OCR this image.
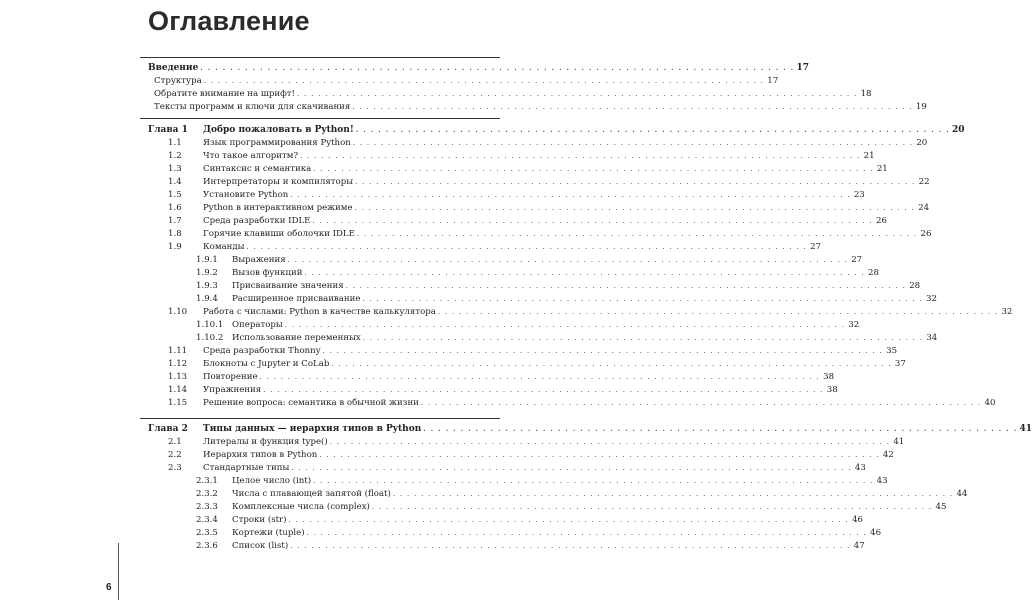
Оглавление
Введение . . . . . . . . . . . . . . . . . . . . . . . . . . . . . . . . . . . . . . . . . . . . . . . . . . . . . . . . . . . . . . . . . . . . . . . . . . . . . . . . 17
Структура . . . . . . . . . . . . . . . . . . . . . . . . . . . . . . . . . . . . . . . . . . . . . . . . . . . . . . . . . . . . . . . . . . . . . . . . . . . . . . . . 17
Обратите внимание на шрифт! . . . . . . . . . . . . . . . . . . . . . . . . . . . . . . . . . . . . . . . . . . . . . . . . . . . . . . . . . . . . . . . . . . . . . . . . . . . . . . . . 18
Тексты программ и ключи для скачивания . . . . . . . . . . . . . . . . . . . . . . . . . . . . . . . . . . . . . . . . . . . . . . . . . . . . . . . . . . . . . . . . . . . . . . . . . . . . . . . . 19
Глава 1 Добро пожаловать в Python! . . . . . . . . . . . . . . . . . . . . . . . . . . . . . . . . . . . . . . . . . . . . . . . . . . . . . . . . . . . . . . . . . . . . . . . . . . . . . . . . 20
1.1 Язык программирования Python . . . . . . . . . . . . . . . . . . . . . . . . . . . . . . . . . . . . . . . . . . . . . . . . . . . . . . . . . . . . . . . . . . . . . . . . . . . . . . . . 20
1.2 Что такое алгоритм? . . . . . . . . . . . . . . . . . . . . . . . . . . . . . . . . . . . . . . . . . . . . . . . . . . . . . . . . . . . . . . . . . . . . . . . . . . . . . . . . 21
1.3 Синтаксис и семантика . . . . . . . . . . . . . . . . . . . . . . . . . . . . . . . . . . . . . . . . . . . . . . . . . . . . . . . . . . . . . . . . . . . . . . . . . . . . . . . . 21
1.4 Интерпретаторы и компиляторы . . . . . . . . . . . . . . . . . . . . . . . . . . . . . . . . . . . . . . . . . . . . . . . . . . . . . . . . . . . . . . . . . . . . . . . . . . . . . . . . 22
1.5 Установите Python . . . . . . . . . . . . . . . . . . . . . . . . . . . . . . . . . . . . . . . . . . . . . . . . . . . . . . . . . . . . . . . . . . . . . . . . . . . . . . . . 23
1.6 Python в интерактивном режиме . . . . . . . . . . . . . . . . . . . . . . . . . . . . . . . . . . . . . . . . . . . . . . . . . . . . . . . . . . . . . . . . . . . . . . . . . . . . . . . . 24
1.7 Среда разработки IDLE . . . . . . . . . . . . . . . . . . . . . . . . . . . . . . . . . . . . . . . . . . . . . . . . . . . . . . . . . . . . . . . . . . . . . . . . . . . . . . . . 26
1.8 Горячие клавиши оболочки IDLE . . . . . . . . . . . . . . . . . . . . . . . . . . . . . . . . . . . . . . . . . . . . . . . . . . . . . . . . . . . . . . . . . . . . . . . . . . . . . . . . 26
1.9 Команды . . . . . . . . . . . . . . . . . . . . . . . . . . . . . . . . . . . . . . . . . . . . . . . . . . . . . . . . . . . . . . . . . . . . . . . . . . . . . . . . 27
1.9.1 Выражения . . . . . . . . . . . . . . . . . . . . . . . . . . . . . . . . . . . . . . . . . . . . . . . . . . . . . . . . . . . . . . . . . . . . . . . . . . . . . . . . 27
1.9.2 Вызов функций . . . . . . . . . . . . . . . . . . . . . . . . . . . . . . . . . . . . . . . . . . . . . . . . . . . . . . . . . . . . . . . . . . . . . . . . . . . . . . . . 28
1.9.3 Присваивание значения . . . . . . . . . . . . . . . . . . . . . . . . . . . . . . . . . . . . . . . . . . . . . . . . . . . . . . . . . . . . . . . . . . . . . . . . . . . . . . . . 28
1.9.4 Расширенное присваивание . . . . . . . . . . . . . . . . . . . . . . . . . . . . . . . . . . . . . . . . . . . . . . . . . . . . . . . . . . . . . . . . . . . . . . . . . . . . . . . . 32
1.10 Работа с числами: Python в качестве калькулятора . . . . . . . . . . . . . . . . . . . . . . . . . . . . . . . . . . . . . . . . . . . . . . . . . . . . . . . . . . . . . . . . . . . . . . . . . . . . . . . . 32
1.10.1 Операторы . . . . . . . . . . . . . . . . . . . . . . . . . . . . . . . . . . . . . . . . . . . . . . . . . . . . . . . . . . . . . . . . . . . . . . . . . . . . . . . . 32
1.10.2 Использование переменных . . . . . . . . . . . . . . . . . . . . . . . . . . . . . . . . . . . . . . . . . . . . . . . . . . . . . . . . . . . . . . . . . . . . . . . . . . . . . . . . 34
1.11 Среда разработки Thonny . . . . . . . . . . . . . . . . . . . . . . . . . . . . . . . . . . . . . . . . . . . . . . . . . . . . . . . . . . . . . . . . . . . . . . . . . . . . . . . . 35
1.12 Блокноты с Jupyter и CoLab . . . . . . . . . . . . . . . . . . . . . . . . . . . . . . . . . . . . . . . . . . . . . . . . . . . . . . . . . . . . . . . . . . . . . . . . . . . . . . . . 37
1.13 Повторение . . . . . . . . . . . . . . . . . . . . . . . . . . . . . . . . . . . . . . . . . . . . . . . . . . . . . . . . . . . . . . . . . . . . . . . . . . . . . . . . 38
1.14 Упражнения . . . . . . . . . . . . . . . . . . . . . . . . . . . . . . . . . . . . . . . . . . . . . . . . . . . . . . . . . . . . . . . . . . . . . . . . . . . . . . . . 38
1.15 Решение вопроса: семантика в обычной жизни . . . . . . . . . . . . . . . . . . . . . . . . . . . . . . . . . . . . . . . . . . . . . . . . . . . . . . . . . . . . . . . . . . . . . . . . . . . . . . . . 40
Глава 2 Типы данных — иерархия типов в Python . . . . . . . . . . . . . . . . . . . . . . . . . . . . . . . . . . . . . . . . . . . . . . . . . . . . . . . . . . . . . . . . . . . . . . . . . . . . . . . . 41
2.1 Литералы и функция type() . . . . . . . . . . . . . . . . . . . . . . . . . . . . . . . . . . . . . . . . . . . . . . . . . . . . . . . . . . . . . . . . . . . . . . . . . . . . . . . . 41
2.2 Иерархия типов в Python . . . . . . . . . . . . . . . . . . . . . . . . . . . . . . . . . . . . . . . . . . . . . . . . . . . . . . . . . . . . . . . . . . . . . . . . . . . . . . . . 42
2.3 Стандартные типы . . . . . . . . . . . . . . . . . . . . . . . . . . . . . . . . . . . . . . . . . . . . . . . . . . . . . . . . . . . . . . . . . . . . . . . . . . . . . . . . 43
2.3.1 Целое число (int) . . . . . . . . . . . . . . . . . . . . . . . . . . . . . . . . . . . . . . . . . . . . . . . . . . . . . . . . . . . . . . . . . . . . . . . . . . . . . . . . 43
2.3.2 Числа с плавающей запятой (float) . . . . . . . . . . . . . . . . . . . . . . . . . . . . . . . . . . . . . . . . . . . . . . . . . . . . . . . . . . . . . . . . . . . . . . . . . . . . . . . . 44
2.3.3 Комплексные числа (complex) . . . . . . . . . . . . . . . . . . . . . . . . . . . . . . . . . . . . . . . . . . . . . . . . . . . . . . . . . . . . . . . . . . . . . . . . . . . . . . . . 45
2.3.4 Строки (str) . . . . . . . . . . . . . . . . . . . . . . . . . . . . . . . . . . . . . . . . . . . . . . . . . . . . . . . . . . . . . . . . . . . . . . . . . . . . . . . . 46
2.3.5 Кортежи (tuple) . . . . . . . . . . . . . . . . . . . . . . . . . . . . . . . . . . . . . . . . . . . . . . . . . . . . . . . . . . . . . . . . . . . . . . . . . . . . . . . . 46
2.3.6 Список (list) . . . . . . . . . . . . . . . . . . . . . . . . . . . . . . . . . . . . . . . . . . . . . . . . . . . . . . . . . . . . . . . . . . . . . . . . . . . . . . . . 47
6
